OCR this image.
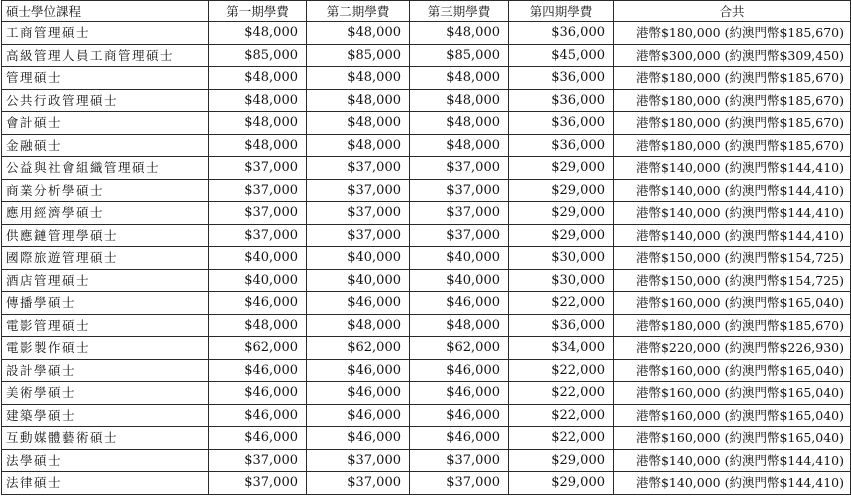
碩士學位課程	第一期學費	第二期學費	第三期學費	第四期學費	合共
工商管理碩士	$48,000	$48,000	$48,000	$36,000	港幣$180,000 (約澳門幣$185,670)
高級管理人員工商管理碩士	$85,000	$85,000	$85,000	$45,000	港幣$300,000 (約澳門幣$309,450)
管理碩士	$48,000	$48,000	$48,000	$36,000	港幣$180,000 (約澳門幣$185,670)
公共行政管理碩士	$48,000	$48,000	$48,000	$36,000	港幣$180,000 (約澳門幣$185,670)
會計碩士	$48,000	$48,000	$48,000	$36,000	港幣$180,000 (約澳門幣$185,670)
金融碩士	$48,000	$48,000	$48,000	$36,000	港幣$180,000 (約澳門幣$185,670)
公益與社會組織管理碩士	$37,000	$37,000	$37,000	$29,000	港幣$140,000 (約澳門幣$144,410)
商業分析學碩士	$37,000	$37,000	$37,000	$29,000	港幣$140,000 (約澳門幣$144,410)
應用經濟學碩士	$37,000	$37,000	$37,000	$29,000	港幣$140,000 (約澳門幣$144,410)
供應鏈管理學碩士	$37,000	$37,000	$37,000	$29,000	港幣$140,000 (約澳門幣$144,410)
國際旅遊管理碩士	$40,000	$40,000	$40,000	$30,000	港幣$150,000 (約澳門幣$154,725)
酒店管理碩士	$40,000	$40,000	$40,000	$30,000	港幣$150,000 (約澳門幣$154,725)
傳播學碩士	$46,000	$46,000	$46,000	$22,000	港幣$160,000 (約澳門幣$165,040)
電影管理碩士	$48,000	$48,000	$48,000	$36,000	港幣$180,000 (約澳門幣$185,670)
電影製作碩士	$62,000	$62,000	$62,000	$34,000	港幣$220,000 (約澳門幣$226,930)
設計學碩士	$46,000	$46,000	$46,000	$22,000	港幣$160,000 (約澳門幣$165,040)
美術學碩士	$46,000	$46,000	$46,000	$22,000	港幣$160,000 (約澳門幣$165,040)
建築學碩士	$46,000	$46,000	$46,000	$22,000	港幣$160,000 (約澳門幣$165,040)
互動媒體藝術碩士	$46,000	$46,000	$46,000	$22,000	港幣$160,000 (約澳門幣$165,040)
法學碩士	$37,000	$37,000	$37,000	$29,000	港幣$140,000 (約澳門幣$144,410)
法律碩士	$37,000	$37,000	$37,000	$29,000	港幣$140,000 (約澳門幣$144,410)
